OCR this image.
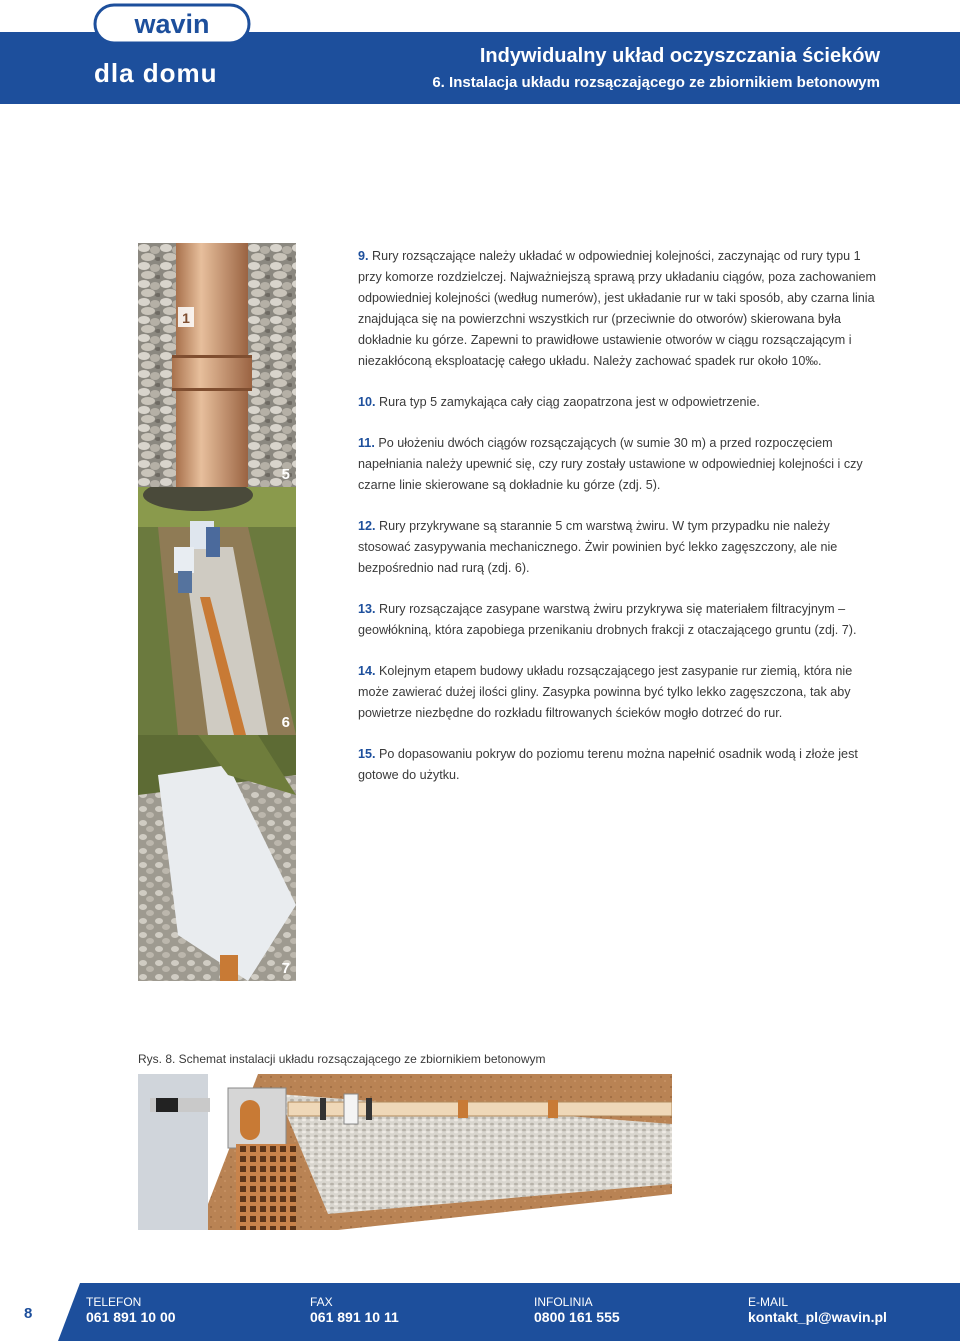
wavin
dla domu
Indywidualny układ oczyszczania ścieków
6. Instalacja układu rozsączającego ze zbiornikiem betonowym
1
5
6
7

9. Rury rozsączające należy układać w odpowiedniej kolejności, zaczynając od rury typu 1 przy komorze rozdzielczej. Najważniejszą sprawą przy układaniu ciągów, poza zachowaniem odpowiedniej kolejności (według numerów), jest układanie rur w taki sposób, aby czarna linia znajdująca się na powierzchni wszystkich rur (przeciwnie do otworów) skierowana była dokładnie ku górze. Zapewni to prawidłowe ustawienie otworów w ciągu rozsączającym i niezakłóconą eksploatację całego układu. Należy zachować spadek rur około 10‰.

10. Rura typ 5 zamykająca cały ciąg zaopatrzona jest w odpowietrzenie.

11. Po ułożeniu dwóch ciągów rozsączających (w sumie 30 m) a przed rozpoczęciem napełniania należy upewnić się, czy rury zostały ustawione w odpowiedniej kolejności i czy czarne linie skierowane są dokładnie ku górze (zdj. 5).

12. Rury przykrywane są starannie 5 cm warstwą żwiru. W tym przypadku nie należy stosować zasypywania mechanicznego. Żwir powinien być lekko zagęszczony, ale nie bezpośrednio nad rurą (zdj. 6).

13. Rury rozsączające zasypane warstwą żwiru przykrywa się materiałem filtracyjnym – geowłókniną, która zapobiega przenikaniu drobnych frakcji z otaczającego gruntu (zdj. 7).

14. Kolejnym etapem budowy układu rozsączającego jest zasypanie rur ziemią, która nie może zawierać dużej ilości gliny. Zasypka powinna być tylko lekko zagęszczona, tak aby powietrze niezbędne do rozkładu filtrowanych ścieków mogło dotrzeć do rur.

15. Po dopasowaniu pokryw do poziomu terenu można napełnić osadnik wodą i złoże jest gotowe do użytku.

Rys. 8. Schemat instalacji układu rozsączającego ze zbiornikiem betonowym
8
TELEFON
061 891 10 00
FAX
061 891 10 11
INFOLINIA
0800 161 555
E-MAIL
kontakt_pl@wavin.pl
